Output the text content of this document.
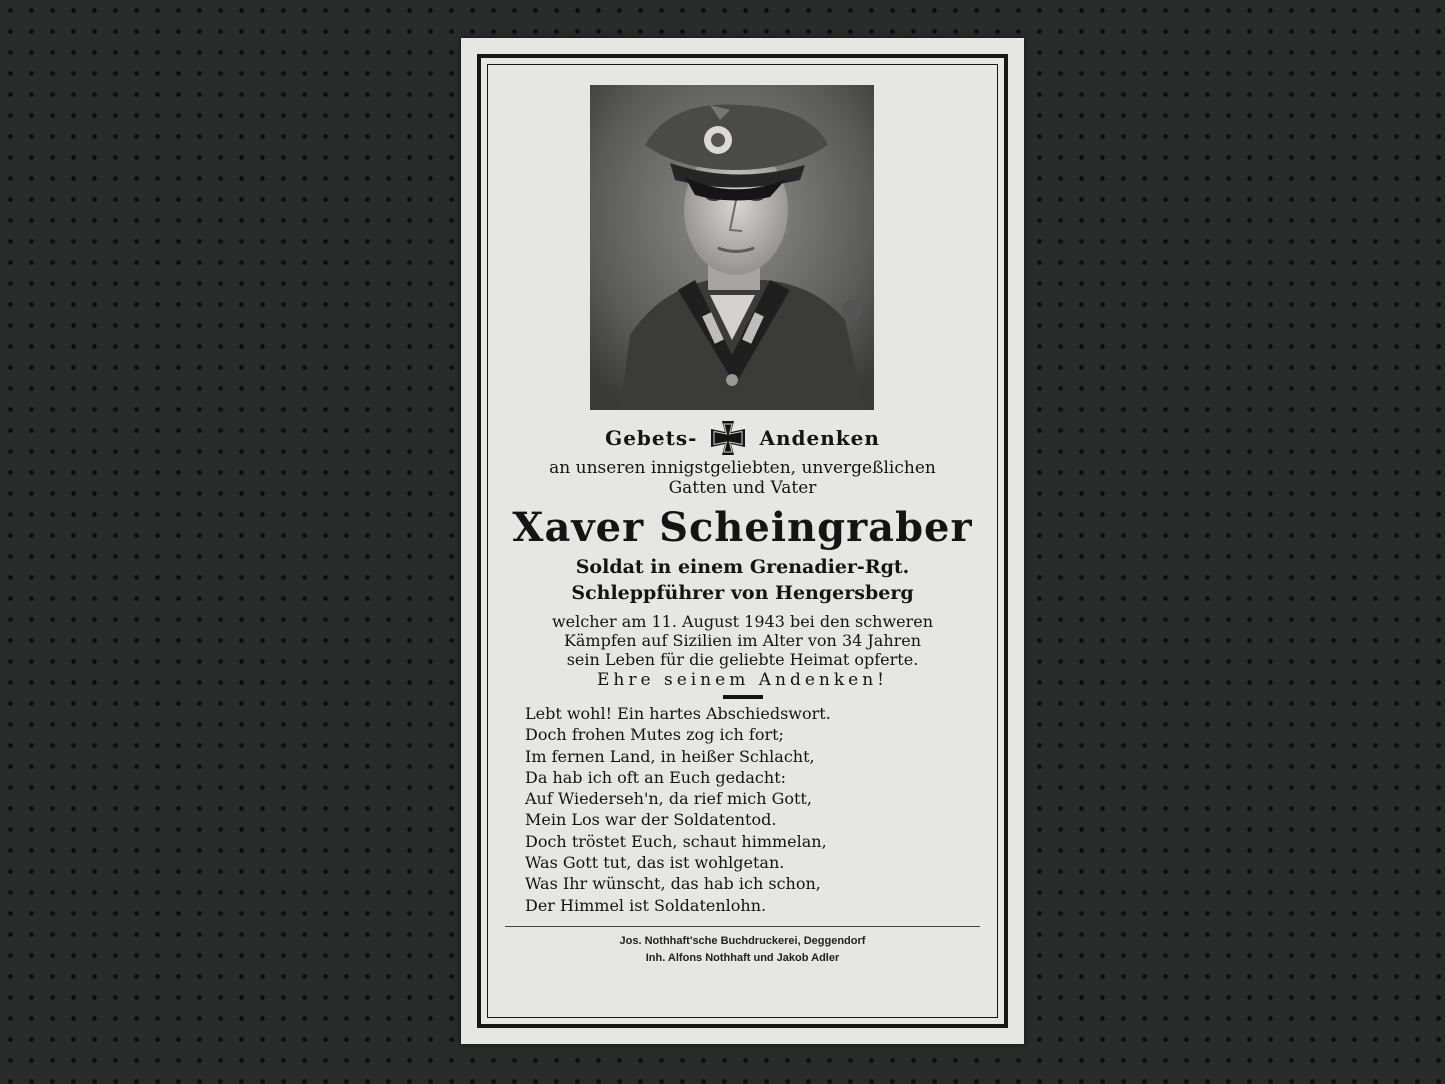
Gebets-	Andenken
an unseren innigstgeliebten, unvergeßlichen
Gatten und Vater
Xaver Scheingraber
Soldat in einem Grenadier-Rgt.
Schleppführer von Hengersberg
welcher am 11. August 1943 bei den schweren
Kämpfen auf Sizilien im Alter von 34 Jahren
sein Leben für die geliebte Heimat opferte.
Ehre seinem Andenken!
Lebt wohl! Ein hartes Abschiedswort.
Doch frohen Mutes zog ich fort;
Im fernen Land, in heißer Schlacht,
Da hab ich oft an Euch gedacht:
Auf Wiederseh'n, da rief mich Gott,
Mein Los war der Soldatentod.
Doch tröstet Euch, schaut himmelan,
Was Gott tut, das ist wohlgetan.
Was Ihr wünscht, das hab ich schon,
Der Himmel ist Soldatenlohn.
Jos. Nothhaft'sche Buchdruckerei, Deggendorf
Inh. Alfons Nothhaft und Jakob Adler
